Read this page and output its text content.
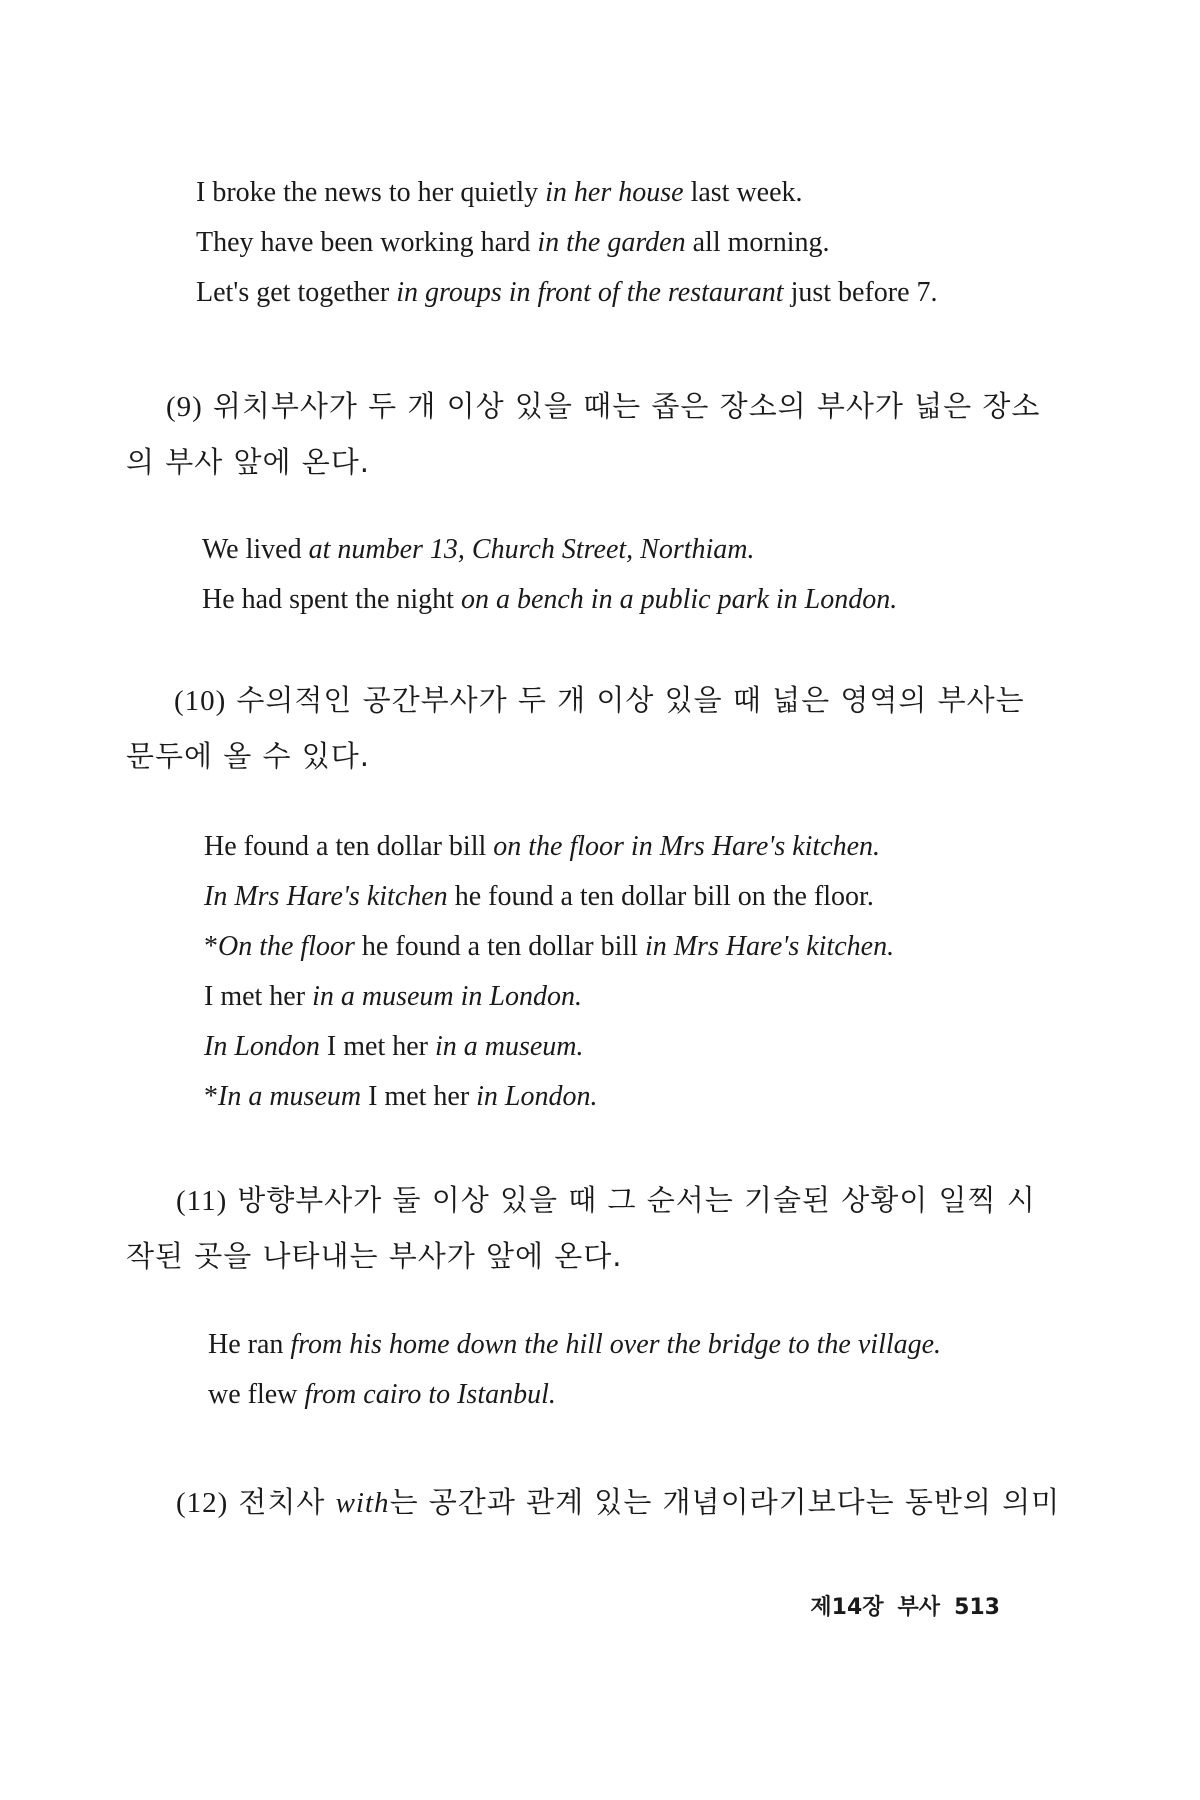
I broke the news to her quietly in her house last week.
They have been working hard in the garden all morning.
Let's get together in groups in front of the restaurant just before 7.
(9) 위치부사가 두 개 이상 있을 때는 좁은 장소의 부사가 넓은 장소
의 부사 앞에 온다.
We lived at number 13, Church Street, Northiam.
He had spent the night on a bench in a public park in London.
(10) 수의적인 공간부사가 두 개 이상 있을 때 넓은 영역의 부사는
문두에 올 수 있다.
He found a ten dollar bill on the floor in Mrs Hare's kitchen.
In Mrs Hare's kitchen he found a ten dollar bill on the floor.
*On the floor he found a ten dollar bill in Mrs Hare's kitchen.
I met her in a museum in London.
In London I met her in a museum.
*In a museum I met her in London.
(11) 방향부사가 둘 이상 있을 때 그 순서는 기술된 상황이 일찍 시
작된 곳을 나타내는 부사가 앞에 온다.
He ran from his home down the hill over the bridge to the village.
we flew from cairo to Istanbul.
(12) 전치사 with는 공간과 관계 있는 개념이라기보다는 동반의 의미
제14장 부사 513
